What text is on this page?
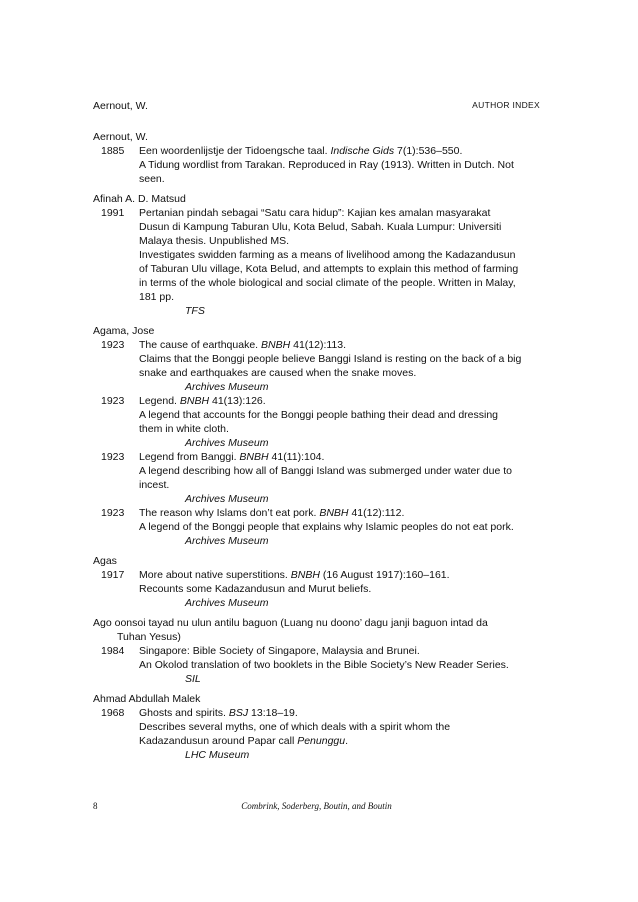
Aernout, W.	AUTHOR INDEX
Aernout, W.
1885	Een woordenlijstje der Tidoengsche taal. Indische Gids 7(1):536–550.
A Tidung wordlist from Tarakan. Reproduced in Ray (1913). Written in Dutch. Not
seen.
Afinah A. D. Matsud
1991	Pertanian pindah sebagai “Satu cara hidup”: Kajian kes amalan masyarakat
Dusun di Kampung Taburan Ulu, Kota Belud, Sabah. Kuala Lumpur: Universiti
Malaya thesis. Unpublished MS.
Investigates swidden farming as a means of livelihood among the Kadazandusun
of Taburan Ulu village, Kota Belud, and attempts to explain this method of farming
in terms of the whole biological and social climate of the people. Written in Malay,
181 pp.
TFS
Agama, Jose
1923	The cause of earthquake. BNBH 41(12):113.
Claims that the Bonggi people believe Banggi Island is resting on the back of a big
snake and earthquakes are caused when the snake moves.
Archives Museum
1923	Legend. BNBH 41(13):126.
A legend that accounts for the Bonggi people bathing their dead and dressing
them in white cloth.
Archives Museum
1923	Legend from Banggi. BNBH 41(11):104.
A legend describing how all of Banggi Island was submerged under water due to
incest.
Archives Museum
1923	The reason why Islams don’t eat pork. BNBH 41(12):112.
A legend of the Bonggi people that explains why Islamic peoples do not eat pork.
Archives Museum
Agas
1917	More about native superstitions. BNBH (16 August 1917):160–161.
Recounts some Kadazandusun and Murut beliefs.
Archives Museum
Ago oonsoi tayad nu ulun antilu baguon (Luang nu doono’ dagu janji baguon intad da
Tuhan Yesus)
1984	Singapore: Bible Society of Singapore, Malaysia and Brunei.
An Okolod translation of two booklets in the Bible Society’s New Reader Series.
SIL
Ahmad Abdullah Malek
1968	Ghosts and spirits. BSJ 13:18–19.
Describes several myths, one of which deals with a spirit whom the
Kadazandusun around Papar call Penunggu.
LHC Museum
8	Combrink, Soderberg, Boutin, and Boutin
